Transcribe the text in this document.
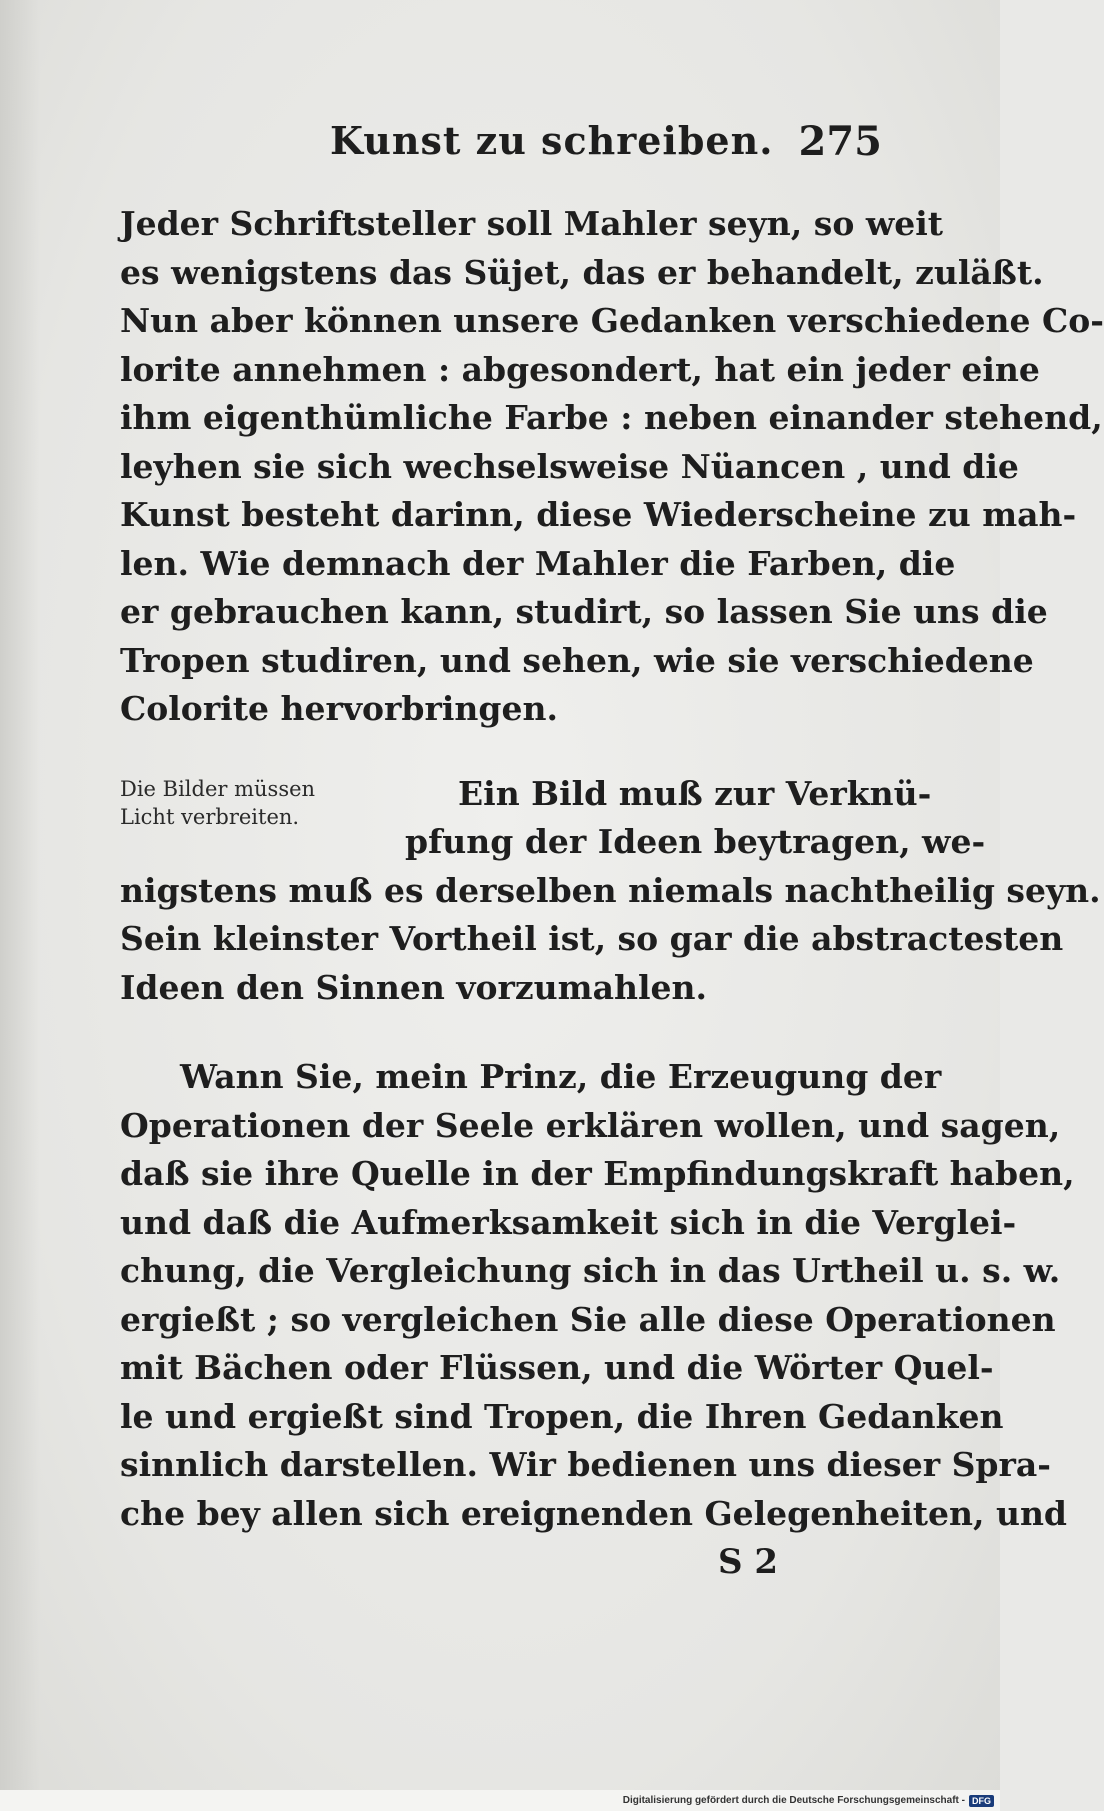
Kunst zu schreiben. 275
Jeder Schriftsteller soll Mahler seyn, so weit
es wenigstens das Süjet, das er behandelt, zuläßt.
Nun aber können unsere Gedanken verschiedene Co-
lorite annehmen : abgesondert, hat ein jeder eine
ihm eigenthümliche Farbe : neben einander stehend,
leyhen sie sich wechselsweise Nüancen , und die
Kunst besteht darinn, diese Wiederscheine zu mah-
len. Wie demnach der Mahler die Farben, die
er gebrauchen kann, studirt, so lassen Sie uns die
Tropen studiren, und sehen, wie sie verschiedene
Colorite hervorbringen.
Die Bilder müssen
Licht verbreiten.
Ein Bild muß zur Verknü-
pfung der Ideen beytragen, we-
nigstens muß es derselben niemals nachtheilig seyn.
Sein kleinster Vortheil ist, so gar die abstractesten
Ideen den Sinnen vorzumahlen.
Wann Sie, mein Prinz, die Erzeugung der
Operationen der Seele erklären wollen, und sagen,
daß sie ihre Quelle in der Empfindungskraft haben,
und daß die Aufmerksamkeit sich in die Verglei-
chung, die Vergleichung sich in das Urtheil u. s. w.
ergießt ; so vergleichen Sie alle diese Operationen
mit Bächen oder Flüssen, und die Wörter Quel-
le und ergießt sind Tropen, die Ihren Gedanken
sinnlich darstellen. Wir bedienen uns dieser Spra-
che bey allen sich ereignenden Gelegenheiten, und
S 2
Digitalisierung gefördert durch die Deutsche Forschungsgemeinschaft - DFG
